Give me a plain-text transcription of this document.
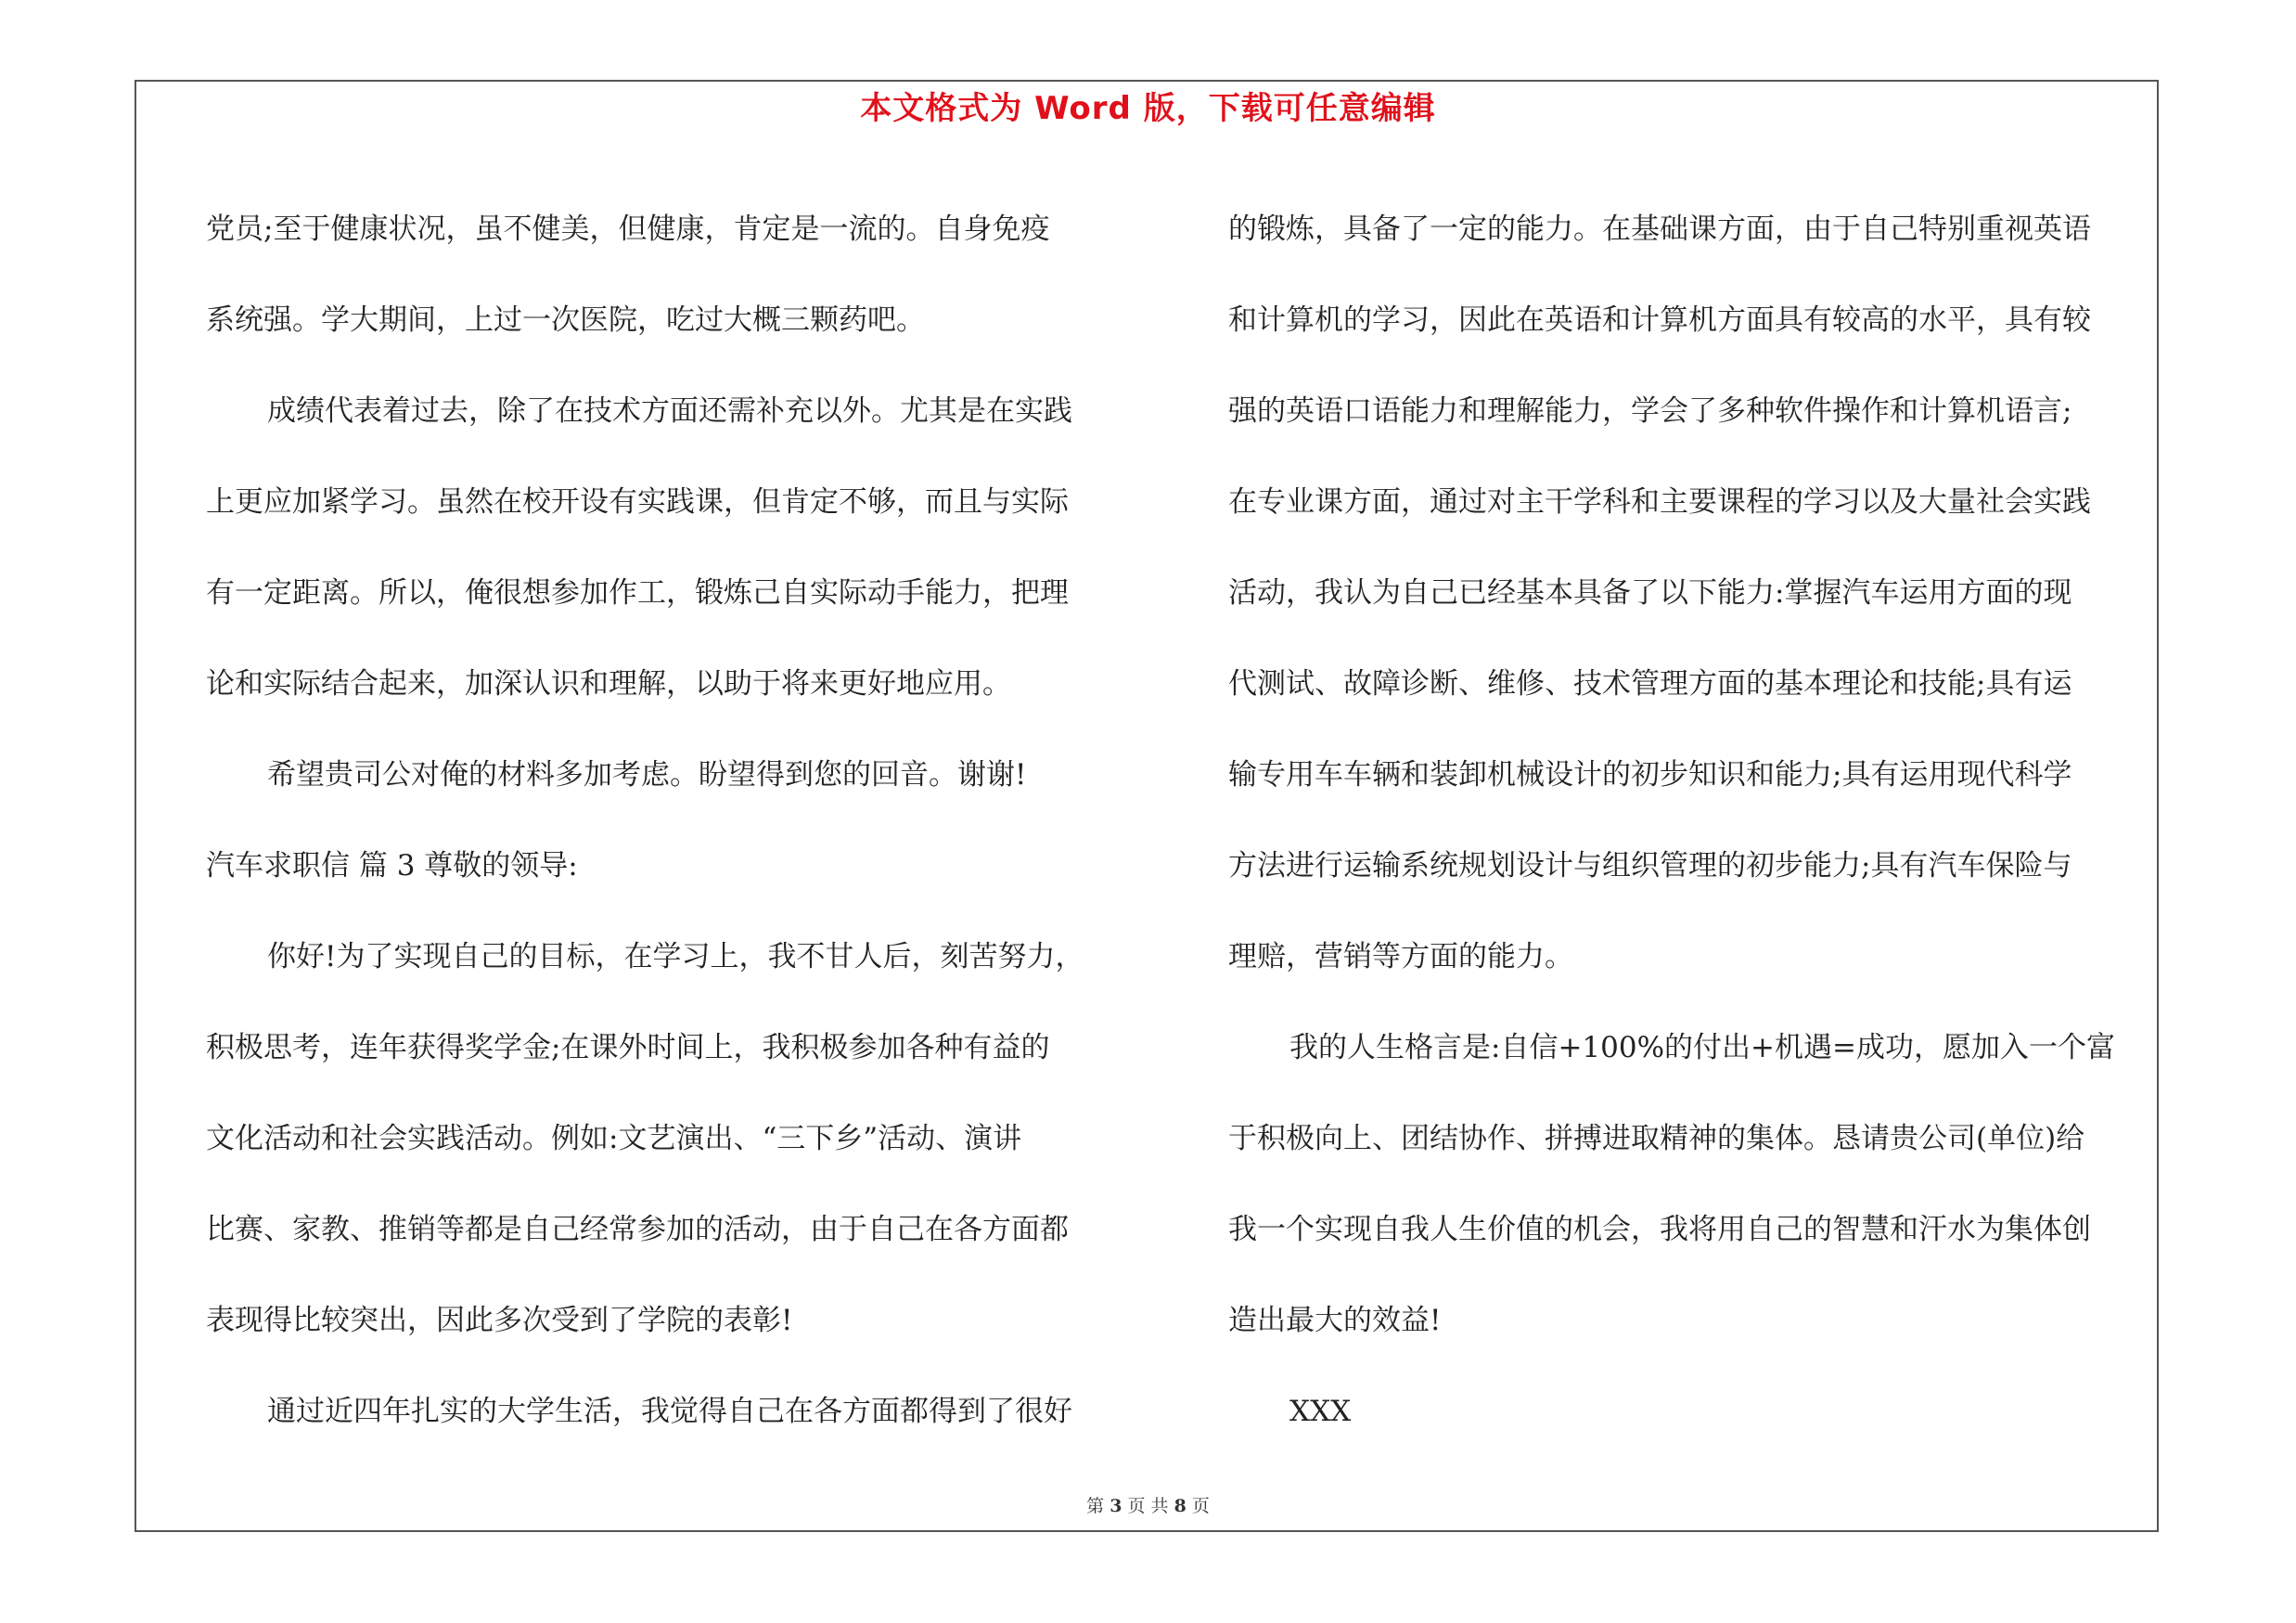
本文格式为 Word 版，下载可任意编辑
党员;至于健康状况，虽不健美，但健康，肯定是一流的。自身免疫
系统强。学大期间，上过一次医院，吃过大概三颗药吧。
成绩代表着过去，除了在技术方面还需补充以外。尤其是在实践
上更应加紧学习。虽然在校开设有实践课，但肯定不够，而且与实际
有一定距离。所以，俺很想参加作工，锻炼己自实际动手能力，把理
论和实际结合起来，加深认识和理解，以助于将来更好地应用。
希望贵司公对俺的材料多加考虑。盼望得到您的回音。谢谢!
汽车求职信 篇 3 尊敬的领导:
你好!为了实现自己的目标，在学习上，我不甘人后，刻苦努力，
积极思考，连年获得奖学金;在课外时间上，我积极参加各种有益的
文化活动和社会实践活动。例如:文艺演出、“三下乡”活动、演讲
比赛、家教、推销等都是自己经常参加的活动，由于自己在各方面都
表现得比较突出，因此多次受到了学院的表彰!
通过近四年扎实的大学生活，我觉得自己在各方面都得到了很好
的锻炼，具备了一定的能力。在基础课方面，由于自己特别重视英语
和计算机的学习，因此在英语和计算机方面具有较高的水平，具有较
强的英语口语能力和理解能力，学会了多种软件操作和计算机语言;
在专业课方面，通过对主干学科和主要课程的学习以及大量社会实践
活动，我认为自己已经基本具备了以下能力:掌握汽车运用方面的现
代测试、故障诊断、维修、技术管理方面的基本理论和技能;具有运
输专用车车辆和装卸机械设计的初步知识和能力;具有运用现代科学
方法进行运输系统规划设计与组织管理的初步能力;具有汽车保险与
理赔，营销等方面的能力。
我的人生格言是:自信+100%的付出+机遇=成功，愿加入一个富
于积极向上、团结协作、拼搏进取精神的集体。恳请贵公司(单位)给
我一个实现自我人生价值的机会，我将用自己的智慧和汗水为集体创
造出最大的效益!
XXX
第 3 页 共 8 页
